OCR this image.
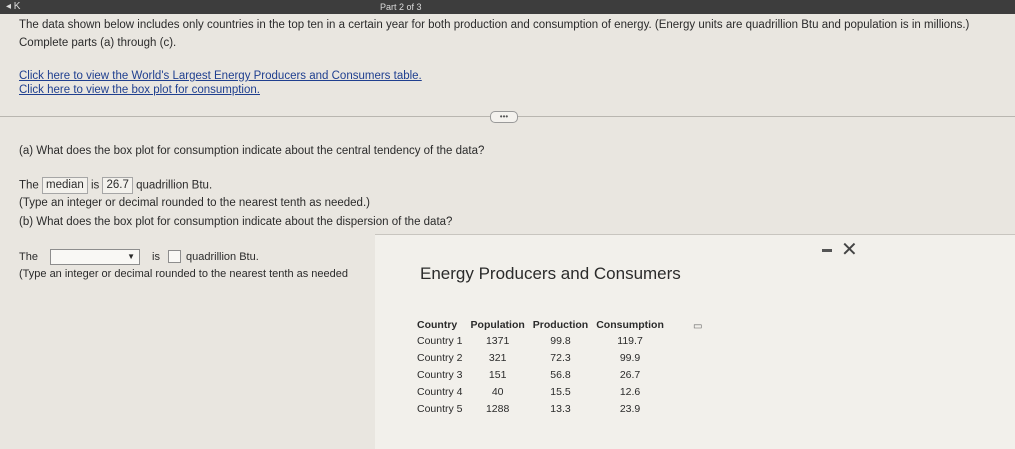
◂ K	Part 2 of 3
The data shown below includes only countries in the top ten in a certain year for both production and consumption of energy. (Energy units are quadrillion Btu and population is in millions.) Complete parts (a) through (c).
Click here to view the World's Largest Energy Producers and Consumers table.
Click here to view the box plot for consumption.
•••
(a) What does the box plot for consumption indicate about the central tendency of the data?
The median is 26.7 quadrillion Btu.
(Type an integer or decimal rounded to the nearest tenth as needed.)
(b) What does the box plot for consumption indicate about the dispersion of the data?
The	▼ is quadrillion Btu.
(Type an integer or decimal rounded to the nearest tenth as needed
✕
Energy Producers and Consumers
▭
Country	Population	Production	Consumption
Country 1	1371	99.8	119.7
Country 2	321	72.3	99.9
Country 3	151	56.8	26.7
Country 4	40	15.5	12.6
Country 5	1288	13.3	23.9
